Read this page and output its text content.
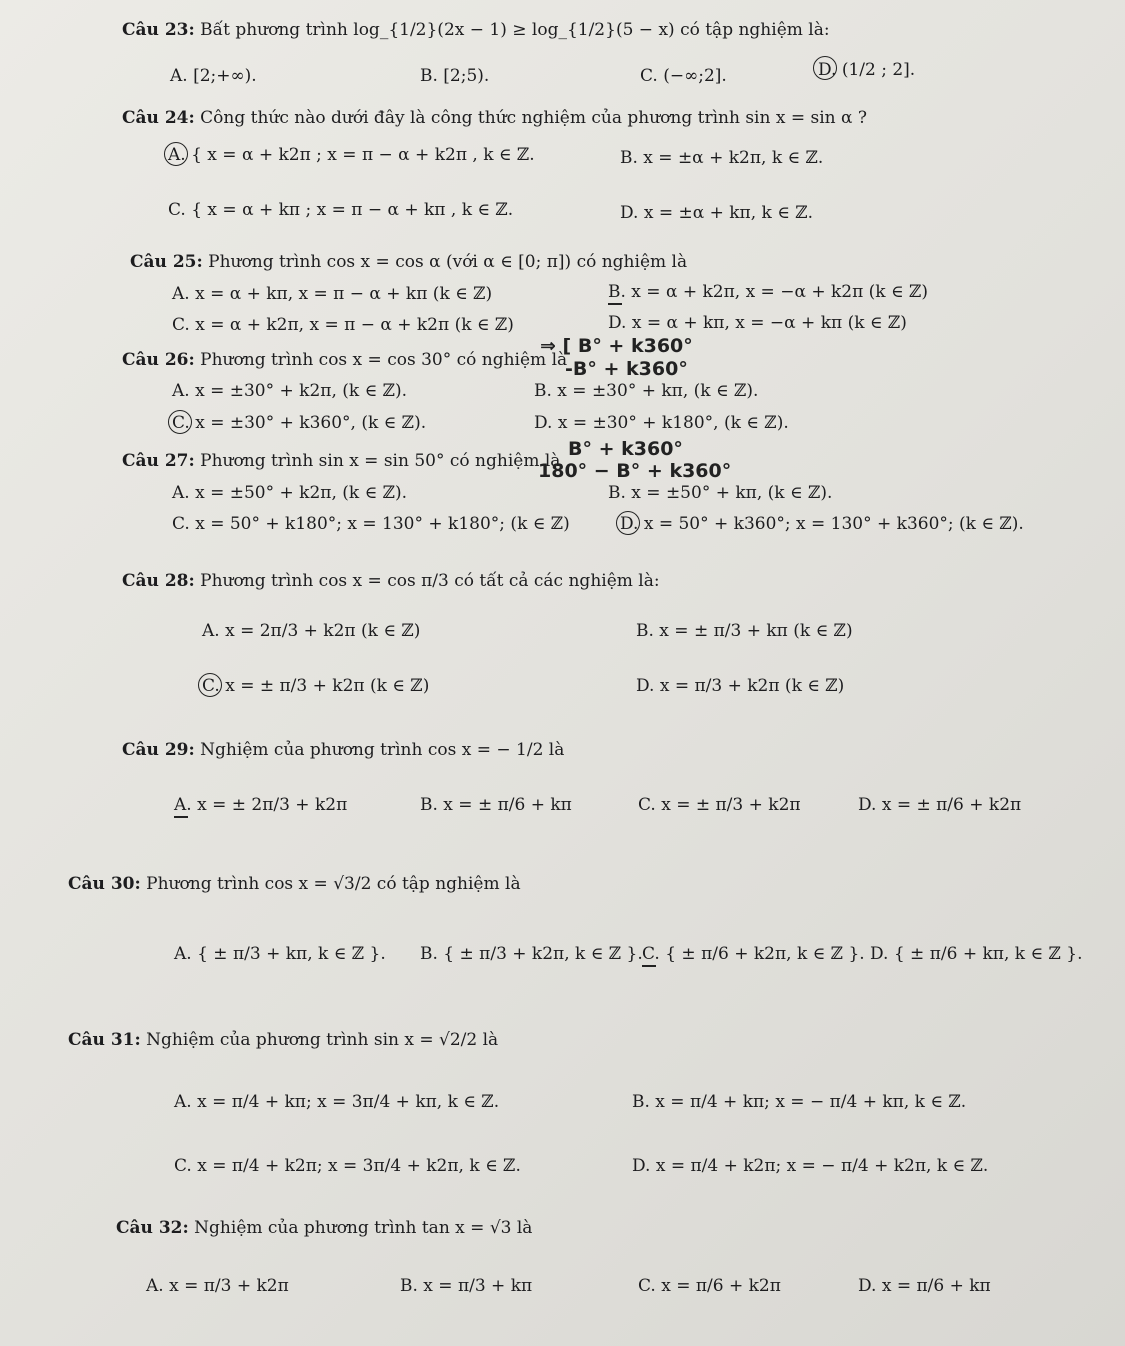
Câu 23: Bất phương trình log_{1/2}(2x − 1) ≥ log_{1/2}(5 − x) có tập nghiệm là:
A. [2;+∞).	B. [2;5).	C. (−∞;2].	D. (1/2 ; 2].
Câu 24: Công thức nào dưới đây là công thức nghiệm của phương trình sin x = sin α ?
A. { x = α + k2π ; x = π − α + k2π , k ∈ ℤ.	B. x = ±α + k2π, k ∈ ℤ.
C. { x = α + kπ ; x = π − α + kπ , k ∈ ℤ.	D. x = ±α + kπ, k ∈ ℤ.
Câu 25: Phương trình cos x = cos α (với α ∈ [0; π]) có nghiệm là
A. x = α + kπ, x = π − α + kπ (k ∈ ℤ)	B. x = α + k2π, x = −α + k2π (k ∈ ℤ)
C. x = α + k2π, x = π − α + k2π (k ∈ ℤ)	D. x = α + kπ, x = −α + kπ (k ∈ ℤ)
Câu 26: Phương trình cos x = cos 30° có nghiệm là
⇒ [ B° + k360°
-B° + k360°
A. x = ±30° + k2π, (k ∈ ℤ).	B. x = ±30° + kπ, (k ∈ ℤ).
C. x = ±30° + k360°, (k ∈ ℤ).	D. x = ±30° + k180°, (k ∈ ℤ).
Câu 27: Phương trình sin x = sin 50° có nghiệm là
B° + k360°
180° − B° + k360°
A. x = ±50° + k2π, (k ∈ ℤ).	B. x = ±50° + kπ, (k ∈ ℤ).
C. x = 50° + k180°; x = 130° + k180°; (k ∈ ℤ)	D. x = 50° + k360°; x = 130° + k360°; (k ∈ ℤ).
Câu 28: Phương trình cos x = cos π/3 có tất cả các nghiệm là:
A. x = 2π/3 + k2π (k ∈ ℤ)	B. x = ± π/3 + kπ (k ∈ ℤ)
C. x = ± π/3 + k2π (k ∈ ℤ)	D. x = π/3 + k2π (k ∈ ℤ)
Câu 29: Nghiệm của phương trình cos x = − 1/2 là
A. x = ± 2π/3 + k2π	B. x = ± π/6 + kπ	C. x = ± π/3 + k2π	D. x = ± π/6 + k2π
Câu 30: Phương trình cos x = √3/2 có tập nghiệm là
A. { ± π/3 + kπ, k ∈ ℤ }. B. { ± π/3 + k2π, k ∈ ℤ }. C. { ± π/6 + k2π, k ∈ ℤ }. D. { ± π/6 + kπ, k ∈ ℤ }.
Câu 31: Nghiệm của phương trình sin x = √2/2 là
A. x = π/4 + kπ; x = 3π/4 + kπ, k ∈ ℤ.	B. x = π/4 + kπ; x = − π/4 + kπ, k ∈ ℤ.
C. x = π/4 + k2π; x = 3π/4 + k2π, k ∈ ℤ.	D. x = π/4 + k2π; x = − π/4 + k2π, k ∈ ℤ.
Câu 32: Nghiệm của phương trình tan x = √3 là
A. x = π/3 + k2π	B. x = π/3 + kπ	C. x = π/6 + k2π	D. x = π/6 + kπ
